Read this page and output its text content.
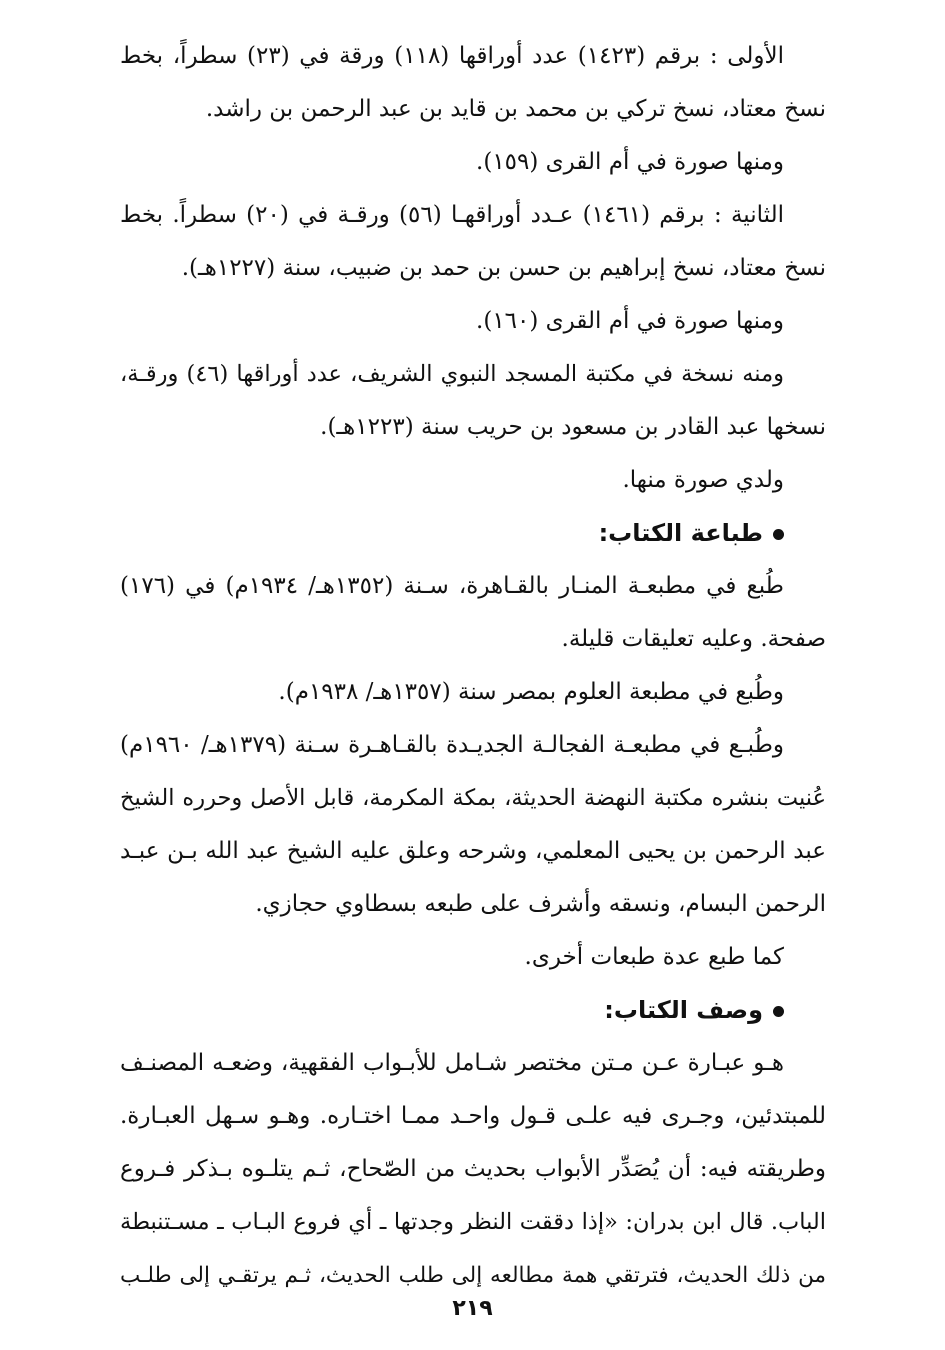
الأولى : برقم (١٤٢٣) عدد أوراقها (١١٨) ورقة في (٢٣) سطراً، بخط
نسخ معتاد، نسخ تركي بن محمد بن قايد بن عبد الرحمن بن راشد.
ومنها صورة في أم القرى (١٥٩).
الثانية : برقم (١٤٦١) عـدد أوراقهـا (٥٦) ورقـة في (٢٠) سطراً. بخط
نسخ معتاد، نسخ إبراهيم بن حسن بن حمد بن ضبيب، سنة (١٢٢٧هـ).
ومنها صورة في أم القرى (١٦٠).
ومنه نسخة في مكتبة المسجد النبوي الشريف، عدد أوراقها (٤٦) ورقـة،
نسخها عبد القادر بن مسعود بن حريب سنة (١٢٢٣هـ).
ولدي صورة منها.
طباعة الكتاب:
طُبع في مطبعـة المنـار بالقـاهرة، سـنة (١٣٥٢هـ/ ١٩٣٤م) في (١٧٦)
صفحة. وعليه تعليقات قليلة.
وطُبع في مطبعة العلوم بمصر سنة (١٣٥٧هـ/ ١٩٣٨م).
وطُبـع في مطبعـة الفجالـة الجديـدة بالقـاهـرة سـنة (١٣٧٩هـ/ ١٩٦٠م)
عُنيت بنشره مكتبة النهضة الحديثة، بمكة المكرمة، قابل الأصل وحرره الشيخ
عبد الرحمن بن يحيى المعلمي، وشرحه وعلق عليه الشيخ عبد الله بـن عبـد
الرحمن البسام، ونسقه وأشرف على طبعه بسطاوي حجازي.
كما طبع عدة طبعات أخرى.
وصف الكتاب:
هـو عبـارة عـن مـتن مختصر شـامل للأبـواب الفقهية، وضعـه المصنـف
للمبتدئين، وجـرى فيه علـى قـول واحـد ممـا اختـاره. وهـو سـهل العبـارة.
وطريقته فيه: أن يُصَدِّر الأبواب بحديث من الصّحاح، ثـم يتلـوه بـذكر فـروع
الباب. قال ابن بدران: «إذا دققت النظر وجدتها ـ أي فروع البـاب ـ مسـتنبطة
من ذلك الحديث، فترتقي همة مطالعه إلى طلب الحديث، ثـم يرتقـي إلى طلـب
٢١٩
